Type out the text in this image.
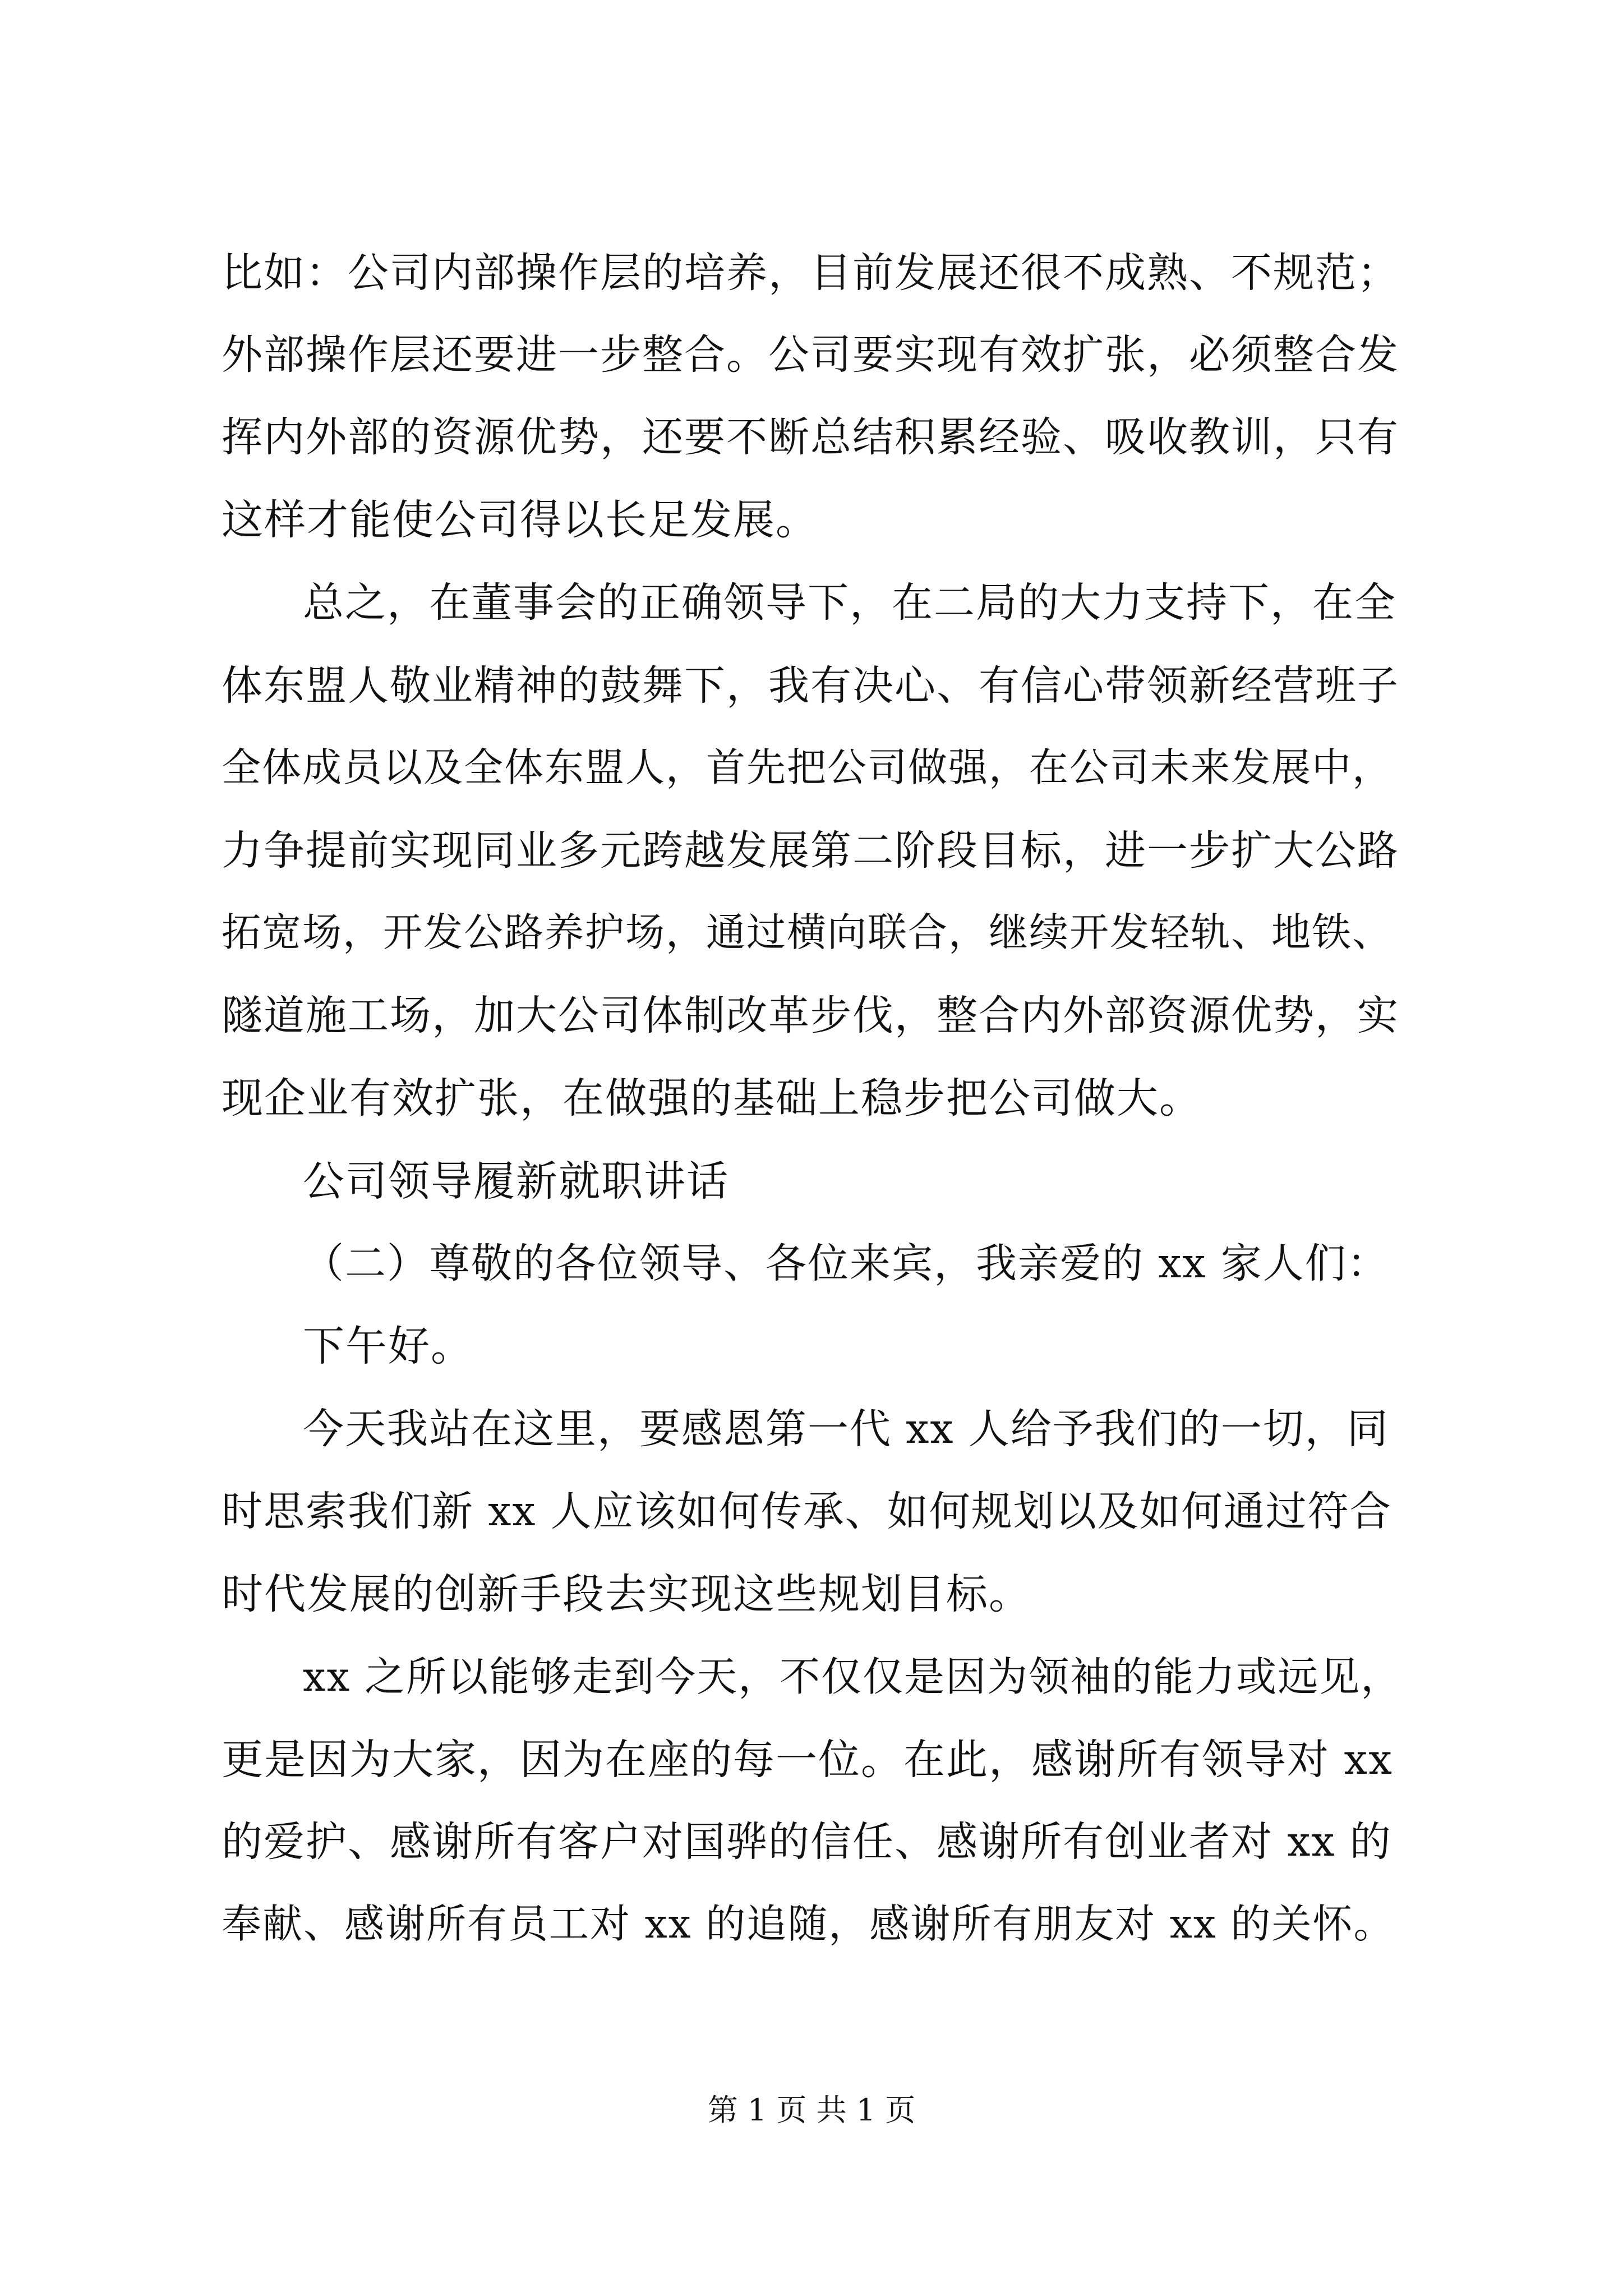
比如：公司内部操作层的培养，目前发展还很不成熟、不规范；
外部操作层还要进一步整合。公司要实现有效扩张，必须整合发
挥内外部的资源优势，还要不断总结积累经验、吸收教训，只有
这样才能使公司得以长足发展。
总之，在董事会的正确领导下，在二局的大力支持下，在全
体东盟人敬业精神的鼓舞下，我有决心、有信心带领新经营班子
全体成员以及全体东盟人，首先把公司做强，在公司未来发展中，
力争提前实现同业多元跨越发展第二阶段目标，进一步扩大公路
拓宽场，开发公路养护场，通过横向联合，继续开发轻轨、地铁、
隧道施工场，加大公司体制改革步伐，整合内外部资源优势，实
现企业有效扩张，在做强的基础上稳步把公司做大。
公司领导履新就职讲话
（二）尊敬的各位领导、各位来宾，我亲爱的 xx 家人们：
下午好。
今天我站在这里，要感恩第一代 xx 人给予我们的一切，同
时思索我们新 xx 人应该如何传承、如何规划以及如何通过符合
时代发展的创新手段去实现这些规划目标。
xx 之所以能够走到今天，不仅仅是因为领袖的能力或远见，
更是因为大家，因为在座的每一位。在此，感谢所有领导对 xx
的爱护、感谢所有客户对国骅的信任、感谢所有创业者对 xx 的
奉献、感谢所有员工对 xx 的追随，感谢所有朋友对 xx 的关怀。
第 1 页 共 1 页
